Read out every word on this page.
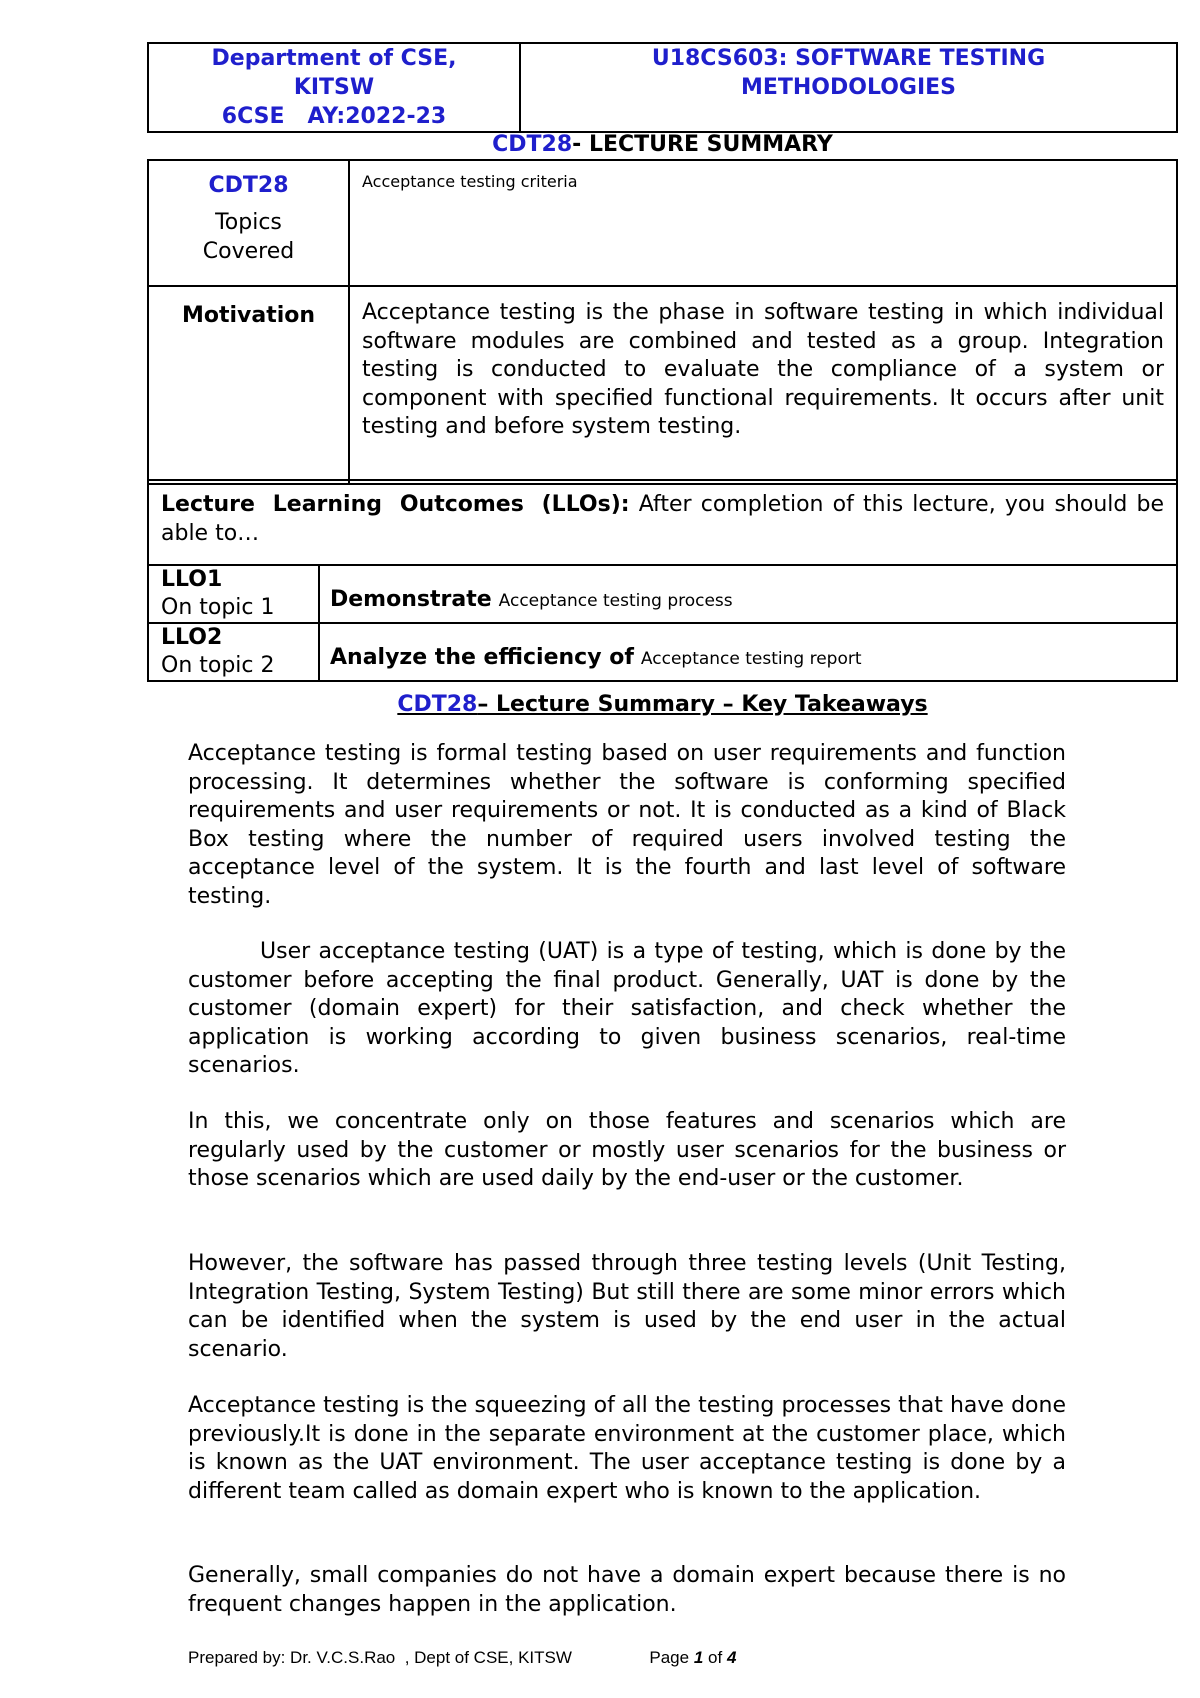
Department of CSE,
KITSW
6CSE   AY:2022-23

U18CS603: SOFTWARE TESTING
METHODOLOGIES
CDT28- LECTURE SUMMARY
CDT28
Topics Covered	Acceptance testing criteria
Motivation	Acceptance testing is the phase in software testing in which individual software modules are combined and tested as a group. Integration testing is conducted to evaluate the compliance of a system or component with specified functional requirements. It occurs after unit testing and before system testing.
Lecture Learning Outcomes (LLOs): After completion of this lecture, you should be able to…	

LLO1
On topic 1	Demonstrate Acceptance testing process

LLO2
On topic 2	Analyze the efficiency of Acceptance testing report
CDT28– Lecture Summary – Key Takeaways

Acceptance testing is formal testing based on user requirements and function processing. It determines whether the software is conforming specified requirements and user requirements or not. It is conducted as a kind of Black Box testing where the number of required users involved testing the acceptance level of the system. It is the fourth and last level of software testing.

User acceptance testing (UAT) is a type of testing, which is done by the customer before accepting the final product. Generally, UAT is done by the customer (domain expert) for their satisfaction, and check whether the application is working according to given business scenarios, real-time scenarios.

In this, we concentrate only on those features and scenarios which are regularly used by the customer or mostly user scenarios for the business or those scenarios which are used daily by the end-user or the customer.

However, the software has passed through three testing levels (Unit Testing, Integration Testing, System Testing) But still there are some minor errors which can be identified when the system is used by the end user in the actual scenario.

Acceptance testing is the squeezing of all the testing processes that have done previously.It is done in the separate environment at the customer place, which is known as the UAT environment. The user acceptance testing is done by a different team called as domain expert who is known to the application.

Generally, small companies do not have a domain expert because there is no frequent changes happen in the application.

Prepared by: Dr. V.C.S.Rao  , Dept of CSE, KITSW	Page 1 of 4
